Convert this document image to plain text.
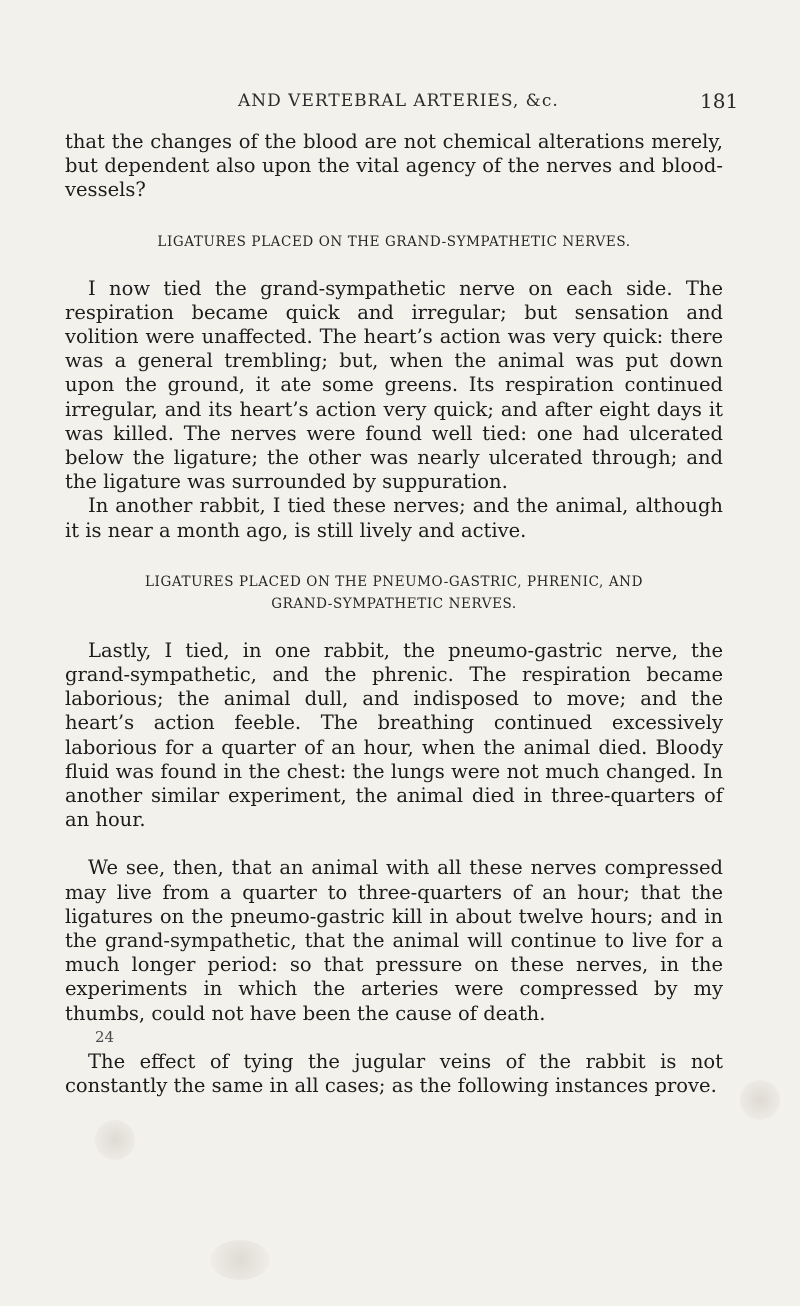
AND VERTEBRAL ARTERIES, &c.	181

that the changes of the blood are not chemical alterations merely, but dependent also upon the vital agency of the nerves and blood-vessels?

LIGATURES PLACED ON THE GRAND-SYMPATHETIC NERVES.

I now tied the grand-sympathetic nerve on each side. The respiration became quick and irregular; but sensation and volition were unaffected. The heart’s action was very quick: there was a general trembling; but, when the animal was put down upon the ground, it ate some greens. Its respiration continued irregular, and its heart’s action very quick; and after eight days it was killed. The nerves were found well tied: one had ulcerated below the ligature; the other was nearly ulcerated through; and the ligature was surrounded by suppuration.

In another rabbit, I tied these nerves; and the animal, although it is near a month ago, is still lively and active.

LIGATURES PLACED ON THE PNEUMO-GASTRIC, PHRENIC, AND

GRAND-SYMPATHETIC NERVES.

Lastly, I tied, in one rabbit, the pneumo-gastric nerve, the grand-sympathetic, and the phrenic. The respiration became laborious; the animal dull, and indisposed to move; and the heart’s action feeble. The breathing continued excessively laborious for a quarter of an hour, when the animal died. Bloody fluid was found in the chest: the lungs were not much changed. In another similar experiment, the animal died in three-quarters of an hour.

We see, then, that an animal with all these nerves compressed may live from a quarter to three-quarters of an hour; that the ligatures on the pneumo-gastric kill in about twelve hours; and in the grand-sympathetic, that the animal will continue to live for a much longer period: so that pressure on these nerves, in the experiments in which the arteries were compressed by my thumbs, could not have been the cause of death.

The effect of tying the jugular veins of the rabbit is not constantly the same in all cases; as the following instances prove.

24
